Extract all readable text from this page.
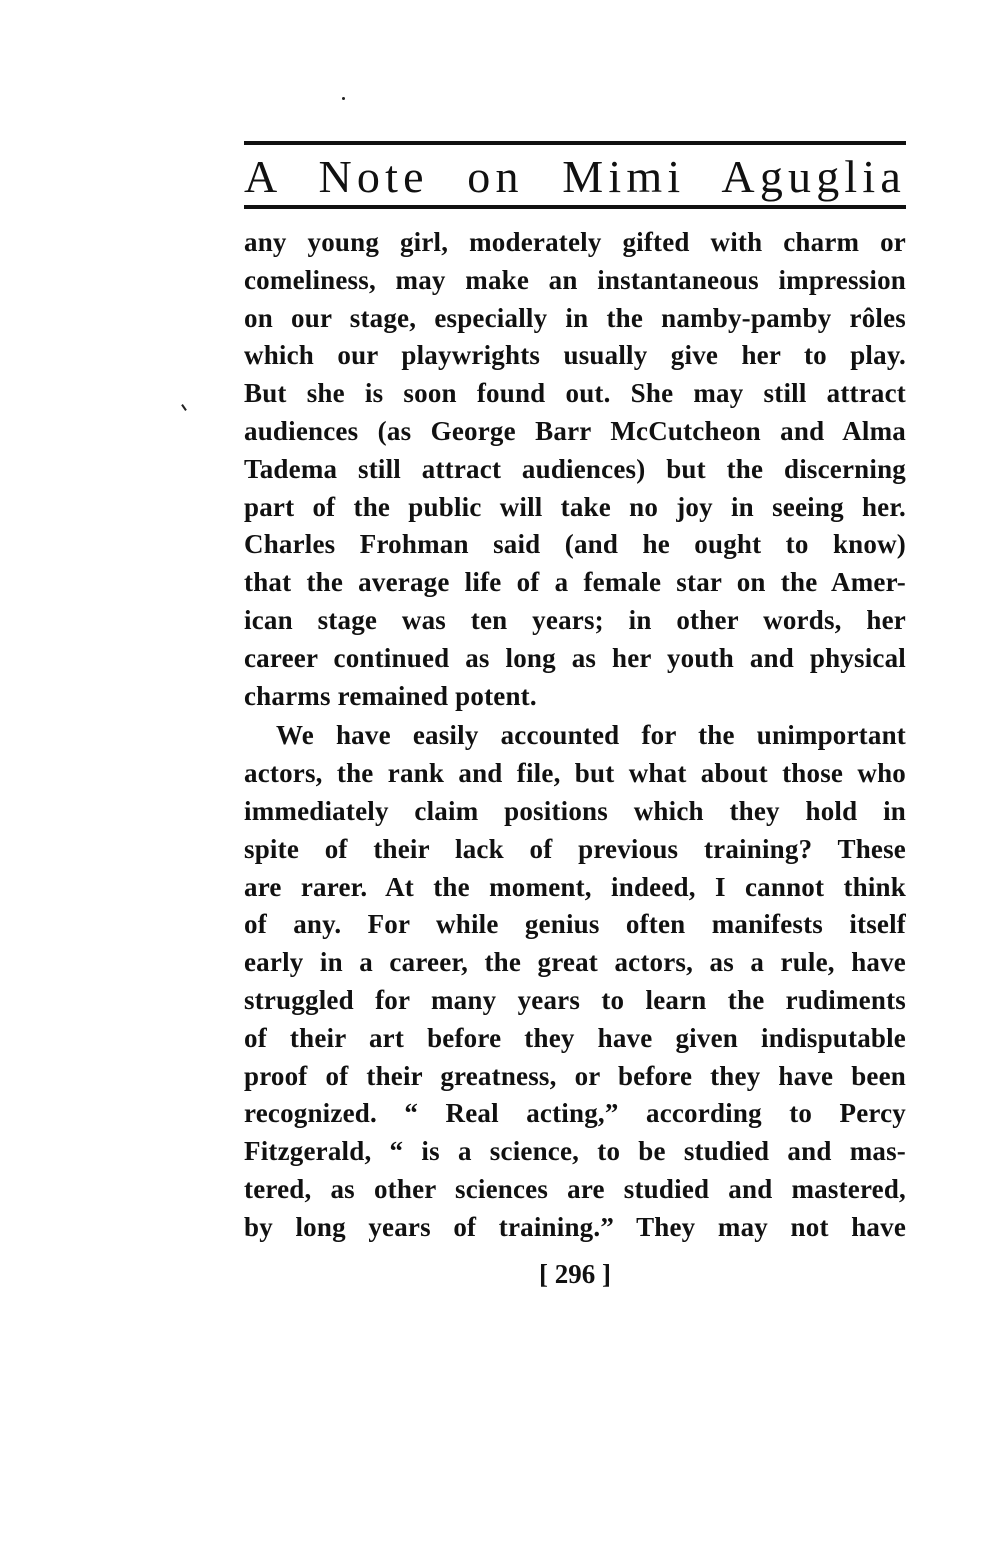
A Note on Mimi Aguglia
any young girl, moderately gifted with charm or
comeliness, may make an instantaneous impression
on our stage, especially in the namby-pamby rôles
which our playwrights usually give her to play.
But she is soon found out. She may still attract
audiences (as George Barr McCutcheon and Alma
Tadema still attract audiences) but the discerning
part of the public will take no joy in seeing her.
Charles Frohman said (and he ought to know)
that the average life of a female star on the Amer-
ican stage was ten years; in other words, her
career continued as long as her youth and physical
charms remained potent.
We have easily accounted for the unimportant
actors, the rank and file, but what about those who
immediately claim positions which they hold in
spite of their lack of previous training? These
are rarer. At the moment, indeed, I cannot think
of any. For while genius often manifests itself
early in a career, the great actors, as a rule, have
struggled for many years to learn the rudiments
of their art before they have given indisputable
proof of their greatness, or before they have been
recognized. “ Real acting,” according to Percy
Fitzgerald, “ is a science, to be studied and mas-
tered, as other sciences are studied and mastered,
by long years of training.” They may not have
[ 296 ]
